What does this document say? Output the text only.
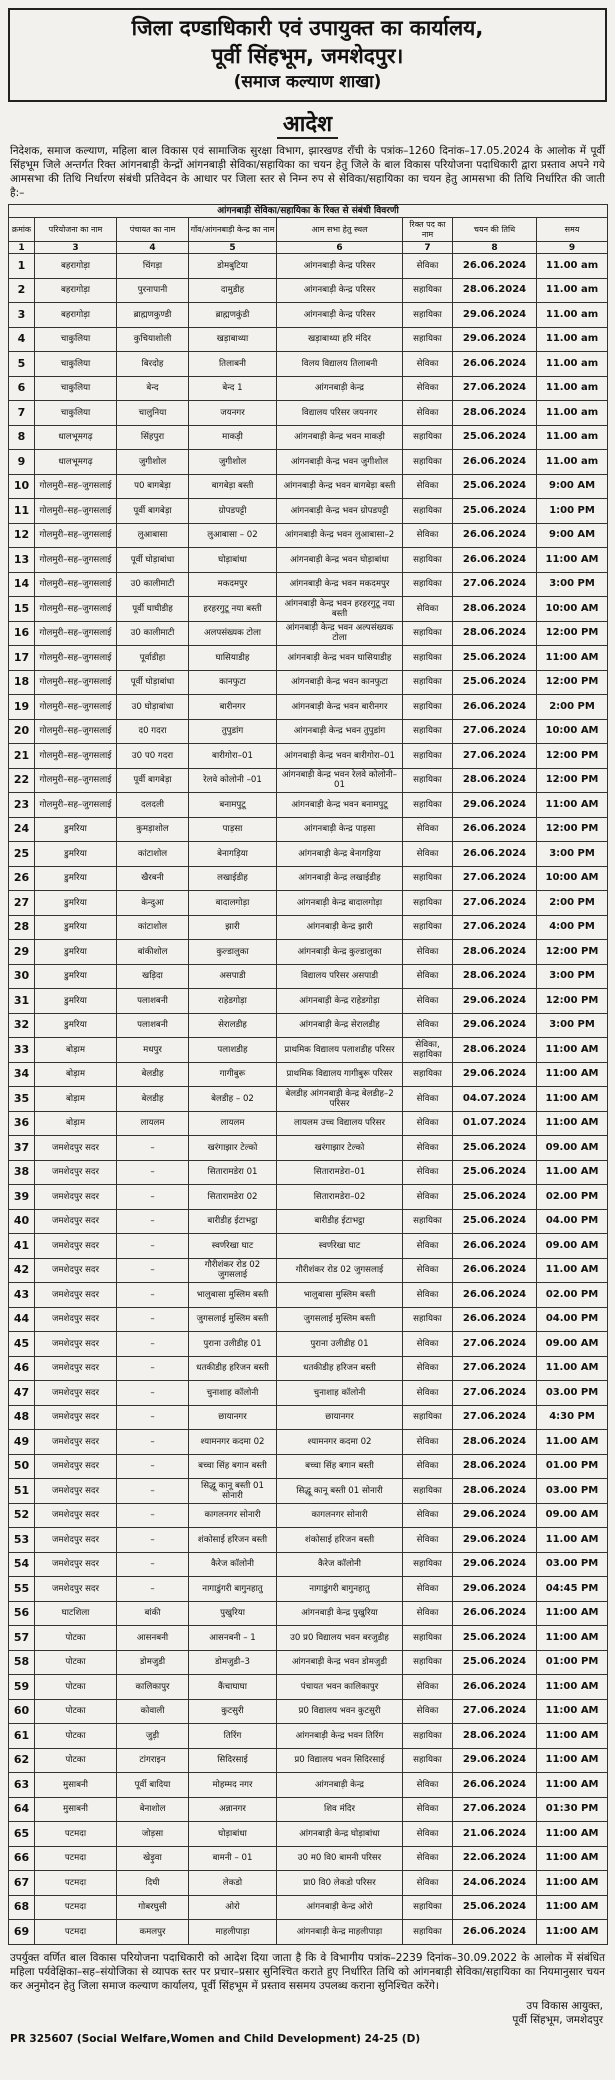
जिला दण्डाधिकारी एवं उपायुक्त का कार्यालय,
पूर्वी सिंहभूम, जमशेदपुर।
(समाज कल्याण शाखा)
आदेश
निदेशक, समाज कल्याण, महिला बाल विकास एवं सामाजिक सुरक्षा विभाग, झारखण्ड राँची के पत्रांक–1260 दिनांक–17.05.2024 के आलोक में पूर्वी सिंहभूम जिले अन्तर्गत रिक्त आंगनबाड़ी केन्द्रों आंगनबाड़ी सेविका/सहायिका का चयन हेतु जिले के बाल विकास परियोजना पदाधिकारी द्वारा प्रस्ताव अपने गये आमसभा की तिथि निर्धारण संबंधी प्रतिवेदन के आधार पर जिला स्तर से निम्न रुप से सेविका/सहायिका का चयन हेतु आमसभा की तिथि निर्धारित की जाती है:–
आंगनबाड़ी सेविका/सहायिका के रिक्त से संबंधी विवरणी							
क्रमांक	परियोजना का नाम	पंचायत का नाम	गाँव/आंगनबाड़ी केन्द्र का नाम	आम सभा हेतु स्थल	रिक्त पद का नाम	चयन की तिथि	समय
1	3	4	5	6	7	8	9
1	बहरागोड़ा	चिंगड़ा	डोमबुटिया	आंगनबाड़ी केन्द्र परिसर	सेविका	26.06.2024	11.00 am
2	बहरागोड़ा	पुरनापानी	दामुडीह	आंगनबाड़ी केन्द्र परिसर	सहायिका	28.06.2024	11.00 am
3	बहरागोड़ा	ब्राह्मणकुण्डी	ब्राह्मणकुंडी	आंगनबाड़ी केन्द्र परिसर	सहायिका	29.06.2024	11.00 am
4	चाकुलिया	कुचियाशोली	खड़ाबाथ्या	खड़ाबाथ्या हरि मंदिर	सहायिका	29.06.2024	11.00 am
5	चाकुलिया	बिरदोह	तिलाबनी	विलय विद्यालय तिलाबनी	सेविका	26.06.2024	11.00 am
6	चाकुलिया	बेन्द	बेन्द 1	आंगनबाड़ी केन्द्र	सेविका	27.06.2024	11.00 am
7	चाकुलिया	चालुनिया	जयनगर	विद्यालय परिसर जयनगर	सेविका	28.06.2024	11.00 am
8	धालभूमगढ़	सिंहपुरा	माकड़ी	आंगनबाड़ी केन्द्र भवन माकड़ी	सहायिका	25.06.2024	11.00 am
9	धालभूमगढ़	जुगीशोल	जुगीशोल	आंगनबाड़ी केन्द्र भवन जुगीशोल	सहायिका	26.06.2024	11.00 am
10	गोलमुरी–सह–जुगसलाई	प0 बागबेड़ा	बागबेड़ा बस्ती	आंगनबाड़ी केन्द्र भवन बागबेड़ा बस्ती	सेविका	25.06.2024	9:00 AM
11	गोलमुरी–सह–जुगसलाई	पूर्वी बागबेड़ा	ग्रोपडपट्टी	आंगनबाड़ी केन्द्र भवन ग्रोपडपट्टी	सहायिका	25.06.2024	1:00 PM
12	गोलमुरी–सह–जुगसलाई	लुआबासा	लुआबासा – 02	आंगनबाड़ी केन्द्र भवन लुआबासा–2	सेविका	26.06.2024	9:00 AM
13	गोलमुरी–सह–जुगसलाई	पूर्वी घोड़ाबांधा	घोड़ाबांधा	आंगनबाड़ी केन्द्र भवन घोड़ाबांधा	सहायिका	26.06.2024	11:00 AM
14	गोलमुरी–सह–जुगसलाई	उ0 कालीमाटी	मकदमपुर	आंगनबाड़ी केन्द्र भवन मकदमपुर	सहायिका	27.06.2024	3:00 PM
15	गोलमुरी–सह–जुगसलाई	पूर्वी घाघीडीह	हरहरगुटू नया बस्ती	आंगनबाड़ी केन्द्र भवन हरहरगुटू नया बस्ती	सेविका	28.06.2024	10:00 AM
16	गोलमुरी–सह–जुगसलाई	उ0 कालीमाटी	अलपसंख्यक टोला	आंगनबाड़ी केन्द्र भवन अल्पसंख्यक टोला	सहायिका	28.06.2024	12:00 PM
17	गोलमुरी–सह–जुगसलाई	पूर्वाडीहा	घासियाडीह	आंगनबाड़ी केन्द्र भवन घासियाडीह	सहायिका	25.06.2024	11:00 AM
18	गोलमुरी–सह–जुगसलाई	पूर्वी घोड़ाबांधा	कानफुटा	आंगनबाड़ी केन्द्र भवन कानफुटा	सहायिका	25.06.2024	12:00 PM
19	गोलमुरी–सह–जुगसलाई	उ0 घोड़ाबांधा	बारीनगर	आंगनबाड़ी केन्द्र भवन बारीनगर	सहायिका	26.06.2024	2:00 PM
20	गोलमुरी–सह–जुगसलाई	द0 गदरा	तुपुडांग	आंगनबाड़ी केन्द्र भवन तुपुडांग	सहायिका	27.06.2024	10:00 AM
21	गोलमुरी–सह–जुगसलाई	उ0 प0 गदरा	बारीगोरा–01	आंगनबाड़ी केन्द्र भवन बारीगोरा–01	सहायिका	27.06.2024	12:00 PM
22	गोलमुरी–सह–जुगसलाई	पूर्वी बागबेड़ा	रेलवे कोलोनी –01	आंगनबाड़ी केन्द्र भवन रेलवे कोलोनी–01	सहायिका	28.06.2024	12:00 PM
23	गोलमुरी–सह–जुगसलाई	दलदली	बनामपुटू	आंगनबाड़ी केन्द्र भवन बनामपुटू	सहायिका	29.06.2024	11:00 AM
24	डुमरिया	कुमड़ाशोल	पाड़सा	आंगनबाड़ी केन्द्र पाड़सा	सेविका	26.06.2024	12:00 PM
25	डुमरिया	कांटाशोल	बेनागड़िया	आंगनबाड़ी केन्द्र बेनागड़िया	सेविका	26.06.2024	3:00 PM
26	डुमरिया	खैरबनी	लखाईडीह	आंगनबाड़ी केन्द्र लखाईडीह	सहायिका	27.06.2024	10:00 AM
27	डुमरिया	केन्दुआ	बादालगोड़ा	आंगनबाड़ी केन्द्र बादालगोड़ा	सहायिका	27.06.2024	2:00 PM
28	डुमरिया	कांटाशोल	झारी	आंगनबाड़ी केन्द्र झारी	सहायिका	27.06.2024	4:00 PM
29	डुमरिया	बांकीशोल	कुल्डालुका	आंगनबाड़ी केन्द्र कुल्डालुका	सेविका	28.06.2024	12:00 PM
30	डुमरिया	खड़िदा	असपाडी	विद्यालय परिसर असपाडी	सेविका	28.06.2024	3:00 PM
31	डुमरिया	पलाशबनी	राहेडगोड़ा	आंगनबाड़ी केन्द्र राहेडगोड़ा	सेविका	29.06.2024	12:00 PM
32	डुमरिया	पलाशबनी	सेरालडीह	आंगनबाड़ी केन्द्र सेरालडीह	सेविका	29.06.2024	3:00 PM
33	बोड़ाम	मधपुर	पलाशडीह	प्राथमिक विद्यालय पलाशडीह परिसर	सेविका, सहायिका	28.06.2024	11:00 AM
34	बोड़ाम	बेलडीह	गागीबुरू	प्राथमिक विद्यालय गागीबुरू परिसर	सहायिका	29.06.2024	11:00 AM
35	बोड़ाम	बेलडीह	बेलडीह – 02	बेलडीह आंगनबाड़ी केन्द्र बेलडीह–2 परिसर	सेविका	04.07.2024	11:00 AM
36	बोड़ाम	लायलम	लायलम	लायलम उच्च विद्यालय परिसर	सेविका	01.07.2024	11:00 AM
37	जमशेदपुर सदर	–	खरंगाझार टेल्को	खरंगाझार टेल्को	सेविका	25.06.2024	09.00 AM
38	जमशेदपुर सदर	–	सितारामडेरा 01	सितारामडेरा–01	सेविका	25.06.2024	11.00 AM
39	जमशेदपुर सदर	–	सितारामडेरा 02	सितारामडेरा–02	सेविका	25.06.2024	02.00 PM
40	जमशेदपुर सदर	–	बारीडीह ईटाभट्ठा	बारीडीह ईटाभट्ठा	सहायिका	25.06.2024	04.00 PM
41	जमशेदपुर सदर	–	स्वर्णरेखा घाट	स्वर्णरेखा घाट	सेविका	26.06.2024	09.00 AM
42	जमशेदपुर सदर	–	गौरीशंकर रोड 02 जुगसलाई	गौरीशंकर रोड 02 जुगसलाई	सेविका	26.06.2024	11.00 AM
43	जमशेदपुर सदर	–	भालुबासा मुस्लिम बस्ती	भालुबासा मुस्लिम बस्ती	सेविका	26.06.2024	02.00 PM
44	जमशेदपुर सदर	–	जुगसलाई मुस्लिम बस्ती	जुगसलाई मुस्लिम बस्ती	सहायिका	26.06.2024	04.00 PM
45	जमशेदपुर सदर	–	पुराना उलीडीह 01	पुराना उलीडीह 01	सेविका	27.06.2024	09.00 AM
46	जमशेदपुर सदर	–	धतकीडीह हरिजन बस्ती	धतकीडीह हरिजन बस्ती	सेविका	27.06.2024	11.00 AM
47	जमशेदपुर सदर	–	चुनाशाह कॉलोनी	चुनाशाह कॉलोनी	सेविका	27.06.2024	03.00 PM
48	जमशेदपुर सदर	–	छायानगर	छायानगर	सहायिका	27.06.2024	4:30 PM
49	जमशेदपुर सदर	–	श्यामनगर कदमा 02	श्यामनगर कदमा 02	सेविका	28.06.2024	11.00 AM
50	जमशेदपुर सदर	–	बच्चा सिंह बगान बस्ती	बच्चा सिंह बगान बस्ती	सेविका	28.06.2024	01.00 PM
51	जमशेदपुर सदर	–	सिद्धू कानू बस्ती 01 सोनारी	सिद्धू कानू बस्ती 01 सोनारी	सहायिका	28.06.2024	03.00 PM
52	जमशेदपुर सदर	–	कागलनगर सोनारी	कागलनगर सोनारी	सेविका	29.06.2024	09.00 AM
53	जमशेदपुर सदर	–	शंकोसाई हरिजन बस्ती	शंकोसाई हरिजन बस्ती	सेविका	29.06.2024	11.00 AM
54	जमशेदपुर सदर	–	कैरेज कॉलोनी	कैरेज कॉलोनी	सहायिका	29.06.2024	03.00 PM
55	जमशेदपुर सदर	–	नागाडुंगरी बागुनहातु	नागाडुंगरी बागुनहातु	सेविका	29.06.2024	04:45 PM
56	घाटशिला	बांकी	पुखुरिया	आंगनबाड़ी केन्द्र पुखुरिया	सेविका	26.06.2024	11:00 AM
57	पोटका	आसनबनी	आसनबनी – 1	उ0 प्र0 विद्यालय भवन बरजुडीह	सहायिका	25.06.2024	11:00 AM
58	पोटका	डोमजुडी	डोमजुडी–3	आंगनबाड़ी केन्द्र भवन डोमजुडी	सहायिका	25.06.2024	01:00 PM
59	पोटका	कालिकापुर	कैंचाघाघा	पंचायत भवन कालिकापुर	सेविका	26.06.2024	11:00 AM
60	पोटका	कोवाली	कुटसुरी	प्र0 विद्यालय भवन कुटसुरी	सेविका	27.06.2024	11:00 AM
61	पोटका	जुड़ी	तिरिंग	आंगनबाड़ी केन्द्र भवन तिरिंग	सहायिका	28.06.2024	11:00 AM
62	पोटका	टांगराइन	सिदिरसाई	प्र0 विद्यालय भवन सिदिरसाई	सहायिका	29.06.2024	11:00 AM
63	मुसाबनी	पूर्वी बादिया	मोहम्मद नगर	आंगनबाड़ी केन्द्र	सेविका	26.06.2024	11:00 AM
64	मुसाबनी	बेनाशोल	अन्नानगर	शिव मंदिर	सेविका	27.06.2024	01:30 PM
65	पटमदा	जोड़सा	घोड़ाबांधा	आंगनबाड़ी केन्द्र घोड़ाबांधा	सेविका	21.06.2024	11:00 AM
66	पटमदा	खेड़ुवा	बामनी – 01	उ0 म0 वि0 बामनी परिसर	सेविका	22.06.2024	11:00 AM
67	पटमदा	दिघी	लेकडो	प्रा0 वि0 लेकडो परिसर	सेविका	24.06.2024	11:00 AM
68	पटमदा	गोबरघुसी	ओरो	आंगनबाड़ी केन्द्र ओरो	सहायिका	25.06.2024	11:00 AM
69	पटमदा	कमलपुर	माहलीपाड़ा	आंगनबाड़ी केन्द्र माहलीपाड़ा	सहायिका	26.06.2024	11:00 AM
उपर्युक्त वर्णित बाल विकास परियोजना पदाधिकारी को आदेश दिया जाता है कि वे विभागीय पत्रांक–2239 दिनांक–30.09.2022 के आलोक में संबंधित महिला पर्यवेक्षिका–सह–संयोजिका से व्यापक स्तर पर प्रचार–प्रसार सुनिश्चित कराते हुए निर्धारित तिथि को आंगनबाड़ी सेविका/सहायिका का नियमानुसार चयन कर अनुमोदन हेतु जिला समाज कल्याण कार्यालय, पूर्वी सिंहभूम में प्रस्ताव ससमय उपलब्ध कराना सुनिश्चित करेंगे।
उप विकास आयुक्त,
पूर्वी सिंहभूम, जमशेदपुर
PR 325607 (Social Welfare,Women and Child Development) 24-25 (D)
